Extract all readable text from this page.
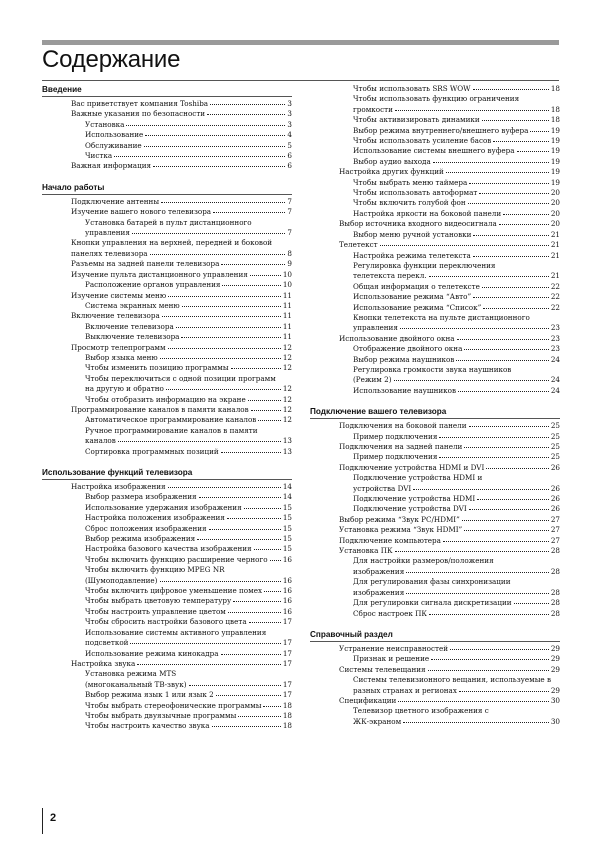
Содержание
Введение
Вас приветствует компания Toshiba	3
Важные указания по безопасности	3
Установка	3
Использование	4
Обслуживание	5
Чистка	6
Важная информация	6
Начало работы
Подключение антенны	7
Изучение вашего нового телевизора	7
Установка батарей в пульт дистанционного
управления	7
Кнопки управления на верхней, передней и боковой
панелях телевизора	8
Разъемы на задней панели телевизора	9
Изучение пульта дистанционного управления	10
Расположение органов управления	10
Изучение системы меню	11
Система экранных меню	11
Включение телевизора	11
Включение телевизора	11
Выключение телевизора	11
Просмотр телепрограмм	12
Выбор языка меню	12
Чтобы изменить позицию программы	12
Чтобы переключиться с одной позиции программ
на другую и обратно	12
Чтобы отобразить информацию на экране	12
Программирование каналов в памяти каналов	12
Автоматическое программирование каналов	12
Ручное программирование каналов в памяти
каналов	13
Сортировка программных позиций	13
Использование функций телевизора
Настройка изображения	14
Выбор размера изображения	14
Использование удержания изображения	15
Настройка положения изображения	15
Сброс положения изображения	15
Выбор режима изображения	15
Настройка базового качества изображения	15
Чтобы включить функцию расширение черного 16
Чтобы включить функцию MPEG NR
(Шумоподавление)	16
Чтобы включить цифровое уменьшение помех	16
Чтобы выбрать цветовую температуру	16
Чтобы настроить управление цветом	16
Чтобы сбросить настройки базового цвета	17
Использование системы активного управления
подсветкой	17
Использование режима кинокадра	17
Настройка звука	17
Установка режима MTS
(многоканальный ТВ-звук)	17
Выбор режима язык 1 или язык 2	17
Чтобы выбрать стереофонические программы	18
Чтобы выбрать двуязычные программы	18
Чтобы настроить качество звука	18
Чтобы использовать SRS WOW	18
Чтобы использовать функцию ограничения
громкости	18
Чтобы активизировать динамики	18
Выбор режима внутреннего/внешнего вуфера	19
Чтобы использовать усиление басов	19
Использование системы внешнего вуфера	19
Выбор аудио выхода	19
Настройка других функций	19
Чтобы выбрать меню таймера	19
Чтобы использовать автоформат	20
Чтобы включить голубой фон	20
Настройка яркости на боковой панели	20
Выбор источника входного видеосигнала	20
Выбор меню ручной установки	21
Телетекст	21
Настройка режима телетекста	21
Регулировка функции переключения
телетекста перекл.	21
Общая информация о телетексте	22
Использование режима “Авто”	22
Использование режима “Список”	22
Кнопки телетекста на пульте дистанционного
управления	23
Использование двойного окна	23
Отображение двойного окна	23
Выбор режима наушников	24
Регулировка громкости звука наушников
(Режим 2)	24
Использование наушников	24
Подключение вашего телевизора
Подключения на боковой панели	25
Пример подключения	25
Подключения на задней панели	25
Пример подключения	25
Подключение устройства HDMI и DVI	26
Подключение устройства HDMI и
устройства DVI	26
Подключение устройства HDMI	26
Подключение устройства DVI	26
Выбор режима “Звук PC/HDMI”	27
Установка режима “Звук HDMI”	27
Подключение компьютера	27
Установка ПК	28
Для настройки размеров/положения
изображения	28
Для регулирования фазы синхронизации
изображения	28
Для регулировки сигнала дискретизации	28
Сброс настроек ПК	28
Справочный раздел
Устранение неисправностей	29
Признак и решение	29
Системы телевещания	29
Системы телевизионного вещания, используемые в
разных странах и регионах	29
Спецификации	30
Телевизор цветного изображения с
ЖК-экраном	30
2
